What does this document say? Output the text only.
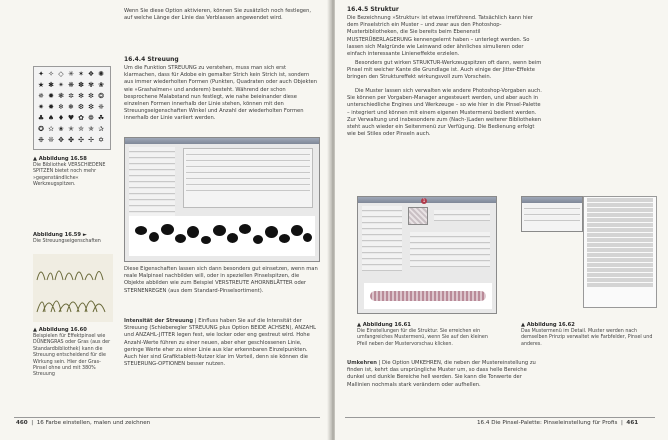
Wenn Sie diese Option aktivieren, können Sie zusätzlich noch festlegen, auf welche Länge der Linie das Verblassen angewendet wird.

16.4.4 Streuung

Um die Funktion STREUUNG zu verstehen, muss man sich erst klarmachen, dass für Adobe ein gemalter Strich kein Strich ist, sondern aus immer wiederholten Formen (Punkten, Quadraten oder auch Objekten wie »Grashalmen« und anderem) besteht. Während der schon besprochene Malabstand nun festlegt, wie nahe beieinander diese einzelnen Formen innerhalb der Linie stehen, können mit den Streuungseigenschaften Winkel und Anzahl der wiederholten Formen innerhalb der Linie variiert werden.

✦ ✧ ◇ ✳ ✶ ❖ ✺
★ ✱ ✴ ❋ ✽ ✾ ❀
✵ ✹ ❃ ✲ ✻ ✼ ❂
✷ ✸ ❄ ❅ ❆ ❇ ❈
♣ ♠ ♦ ♥ ✿ ❁ ☘
✪ ✫ ✬ ✭ ✮ ✯ ✰
❉ ❊ ✥ ✤ ✣ ✢ ✡
▲ Abbildung 16.58
Die Bibliothek VERSCHIEDENE SPITZEN bietet noch mehr »gegenständliche« Werkzeugspitzen.
Abbildung 16.59 ►
Die Streuungseigenschaften
▲ Abbildung 16.60
Beispielen für Effektpinsel wie DÜNENGRAS oder Gras (aus der Standardbibliothek) kann die Streuung entscheidend für die Wirkung sein. Hier der Gras-Pinsel ohne und mit 380% Streuung

Diese Eigenschaften lassen sich dann besonders gut einsetzen, wenn man reale Malpinsel nachbilden will, oder in speziellen Pinselspitzen, die Objekte abbilden wie zum Beispiel VERSTREUTE AHORNBLÄTTER oder STERNENREGEN (aus dem Standard-Pinselsortiment).

Intensität der Streuung | Einfluss haben Sie auf die Intensität der Streuung (Schieberegler STREUUNG plus Option BEIDE ACHSEN), ANZAHL und ANZAHL-JITTER legen fest, wie locker oder eng gestreut wird. Hohe Anzahl-Werte führen zu einer neuen, aber eher geschlossenen Linie, geringe Werte eher zu einer Linie aus klar erkennbaren Einzelpunkten. Auch hier sind Grafiktablett-Nutzer klar im Vorteil, denn sie können die STEUERUNG-OPTIONEN besser nutzen.

460  |  16 Farbe einstellen, malen und zeichnen
16.4.5 Struktur

Die Bezeichnung »Struktur« ist etwas irreführend. Tatsächlich kann hier dem Pinselstrich ein Muster – und zwar aus den Photoshop-Musterbibliotheken, die Sie bereits beim Ebenenstil MUSTERÜBERLAGERUNG kennengelernt haben – unterlegt werden. So lassen sich Malgründe wie Leinwand oder ähnliches simulieren oder einfach interessante Linieneffekte erzielen.

Besonders gut wirken STRUKTUR-Werkzeugspitzen oft dann, wenn beim Pinsel mit weicher Kante die Grundlage ist. Auch einige der Jitter-Effekte bringen den Struktureffekt wirkungsvoll zum Vorschein.

Die Muster lassen sich verwalten wie andere Photoshop-Vorgaben auch. Sie können per Vorgaben-Manager angesteuert werden, und aber auch in unterschiedliche Engines und Werkzeuge – so wie hier in die Pinsel-Palette – integriert und können mit einem eigenen Mustermenü bedient werden. Zur Verwaltung und insbesondere zum (Nach-)Laden weiterer Bibliotheken steht auch wieder ein Seitenmenü zur Verfügung. Die Bedienung erfolgt wie bei Stiles oder Pinseln auch.

1
▲ Abbildung 16.61
Die Einstellungen für die Struktur. Sie erreichen ein umfangreiches Mustermenü, wenn Sie auf den kleinen Pfeil neben der Mustervorschau klicken.
▲ Abbildung 16.62
Das Mustermenü im Detail. Muster werden nach demselben Prinzip verwaltet wie Farbfelder, Pinsel und anderes.

Umkehren | Die Option UMKEHREN, die neben der Mustereinstellung zu finden ist, kehrt das ursprüngliche Muster um, so dass helle Bereiche dunkel und dunkle Bereiche hell werden. Sie kann die Tonwerte der Mallinien nochmals stark verändern oder aufhellen.

16.4 Die Pinsel-Palette: Pinseleinstellung für Profis  |  461
